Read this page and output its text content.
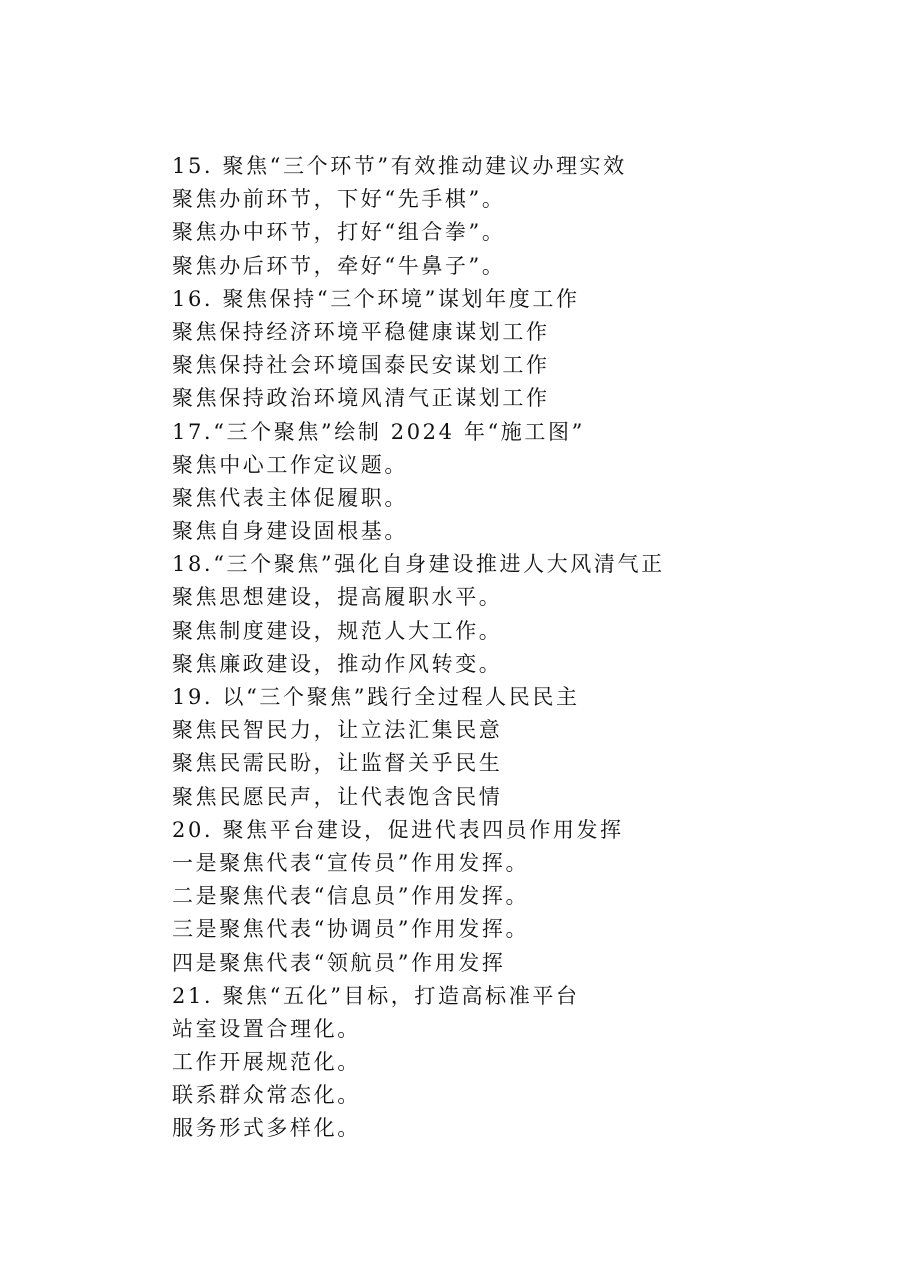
15. 聚焦“三个环节”有效推动建议办理实效
聚焦办前环节，下好“先手棋”。
聚焦办中环节，打好“组合拳”。
聚焦办后环节，牵好“牛鼻子”。
16. 聚焦保持“三个环境”谋划年度工作
聚焦保持经济环境平稳健康谋划工作
聚焦保持社会环境国泰民安谋划工作
聚焦保持政治环境风清气正谋划工作
17.“三个聚焦”绘制 2024 年“施工图”
聚焦中心工作定议题。
聚焦代表主体促履职。
聚焦自身建设固根基。
18.“三个聚焦”强化自身建设推进人大风清气正
聚焦思想建设，提高履职水平。
聚焦制度建设，规范人大工作。
聚焦廉政建设，推动作风转变。
19. 以“三个聚焦”践行全过程人民民主
聚焦民智民力，让立法汇集民意
聚焦民需民盼，让监督关乎民生
聚焦民愿民声，让代表饱含民情
20. 聚焦平台建设，促进代表四员作用发挥
一是聚焦代表“宣传员”作用发挥。
二是聚焦代表“信息员”作用发挥。
三是聚焦代表“协调员”作用发挥。
四是聚焦代表“领航员”作用发挥
21. 聚焦“五化”目标，打造高标准平台
站室设置合理化。
工作开展规范化。
联系群众常态化。
服务形式多样化。
